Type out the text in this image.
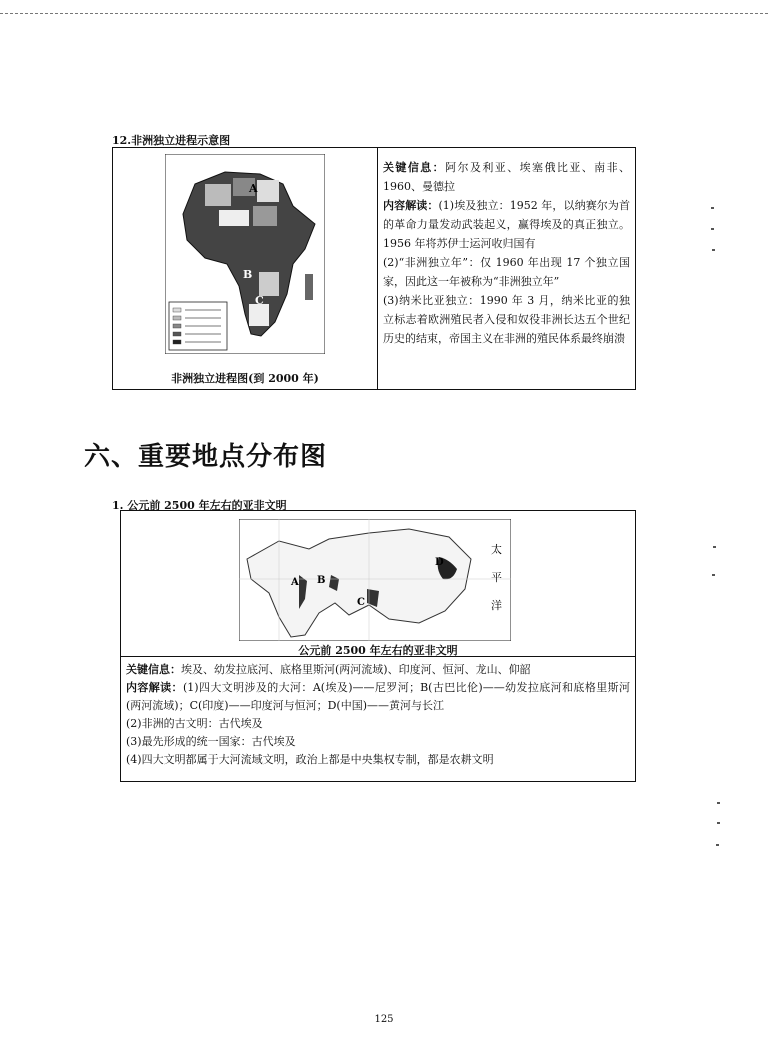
12.非洲独立进程示意图
A
B
C
非洲独立进程图(到 2000 年)

关键信息：阿尔及利亚、埃塞俄比亚、南非、1960、曼德拉

内容解读：(1)埃及独立：1952 年，以纳赛尔为首的革命力量发动武装起义，赢得埃及的真正独立。1956 年将苏伊士运河收归国有

(2)“非洲独立年”：仅 1960 年出现 17 个独立国家，因此这一年被称为“非洲独立年”

(3)纳米比亚独立：1990 年 3 月，纳米比亚的独立标志着欧洲殖民者入侵和奴役非洲长达五个世纪历史的结束，帝国主义在非洲的殖民体系最终崩溃

六、重要地点分布图
1. 公元前 2500 年左右的亚非文明
A B
C
D
太
平
洋
公元前 2500 年左右的亚非文明

关键信息：埃及、幼发拉底河、底格里斯河(两河流域)、印度河、恒河、龙山、仰韶

内容解读：(1)四大文明涉及的大河：A(埃及)——尼罗河；B(古巴比伦)——幼发拉底河和底格里斯河(两河流域)；C(印度)——印度河与恒河；D(中国)——黄河与长江

(2)非洲的古文明：古代埃及

(3)最先形成的统一国家：古代埃及

(4)四大文明都属于大河流域文明，政治上都是中央集权专制，都是农耕文明

125
